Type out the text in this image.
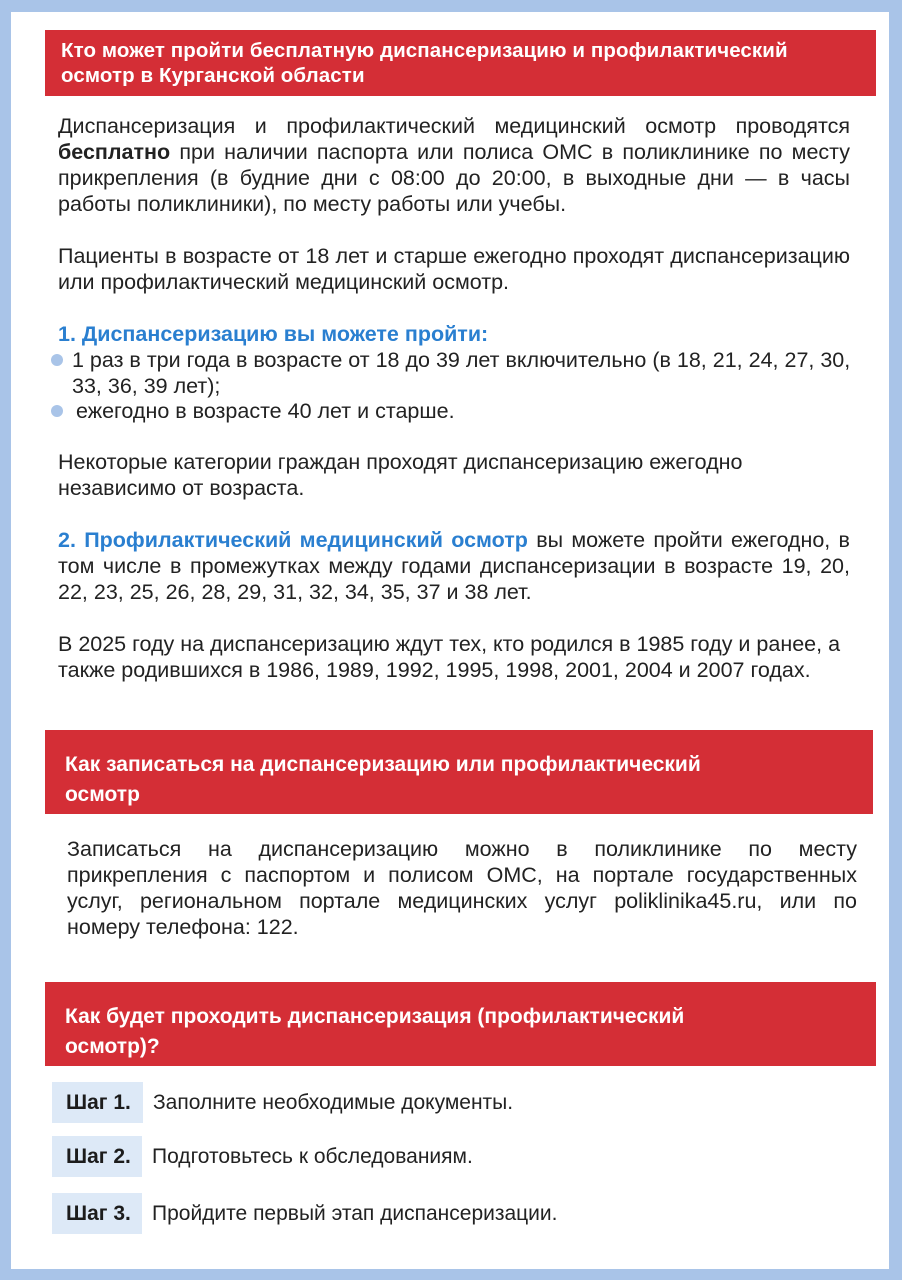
Кто может пройти бесплатную диспансеризацию и профилактический
осмотр в Курганской области

Диспансеризация и профилактический медицинский осмотр проводятся бесплатно при наличии паспорта или полиса ОМС в поликлинике по месту прикрепления (в будние дни с 08:00 до 20:00, в выходные дни — в часы работы поликлиники), по месту работы или учебы.

Пациенты в возрасте от 18 лет и старше ежегодно проходят диспансеризацию или профилактический медицинский осмотр.

1. Диспансеризацию вы можете пройти:

1 раз в три года в возрасте от 18 до 39 лет включительно (в 18, 21, 24, 27, 30, 33, 36, 39 лет);
ежегодно в возрасте 40 лет и старше.

Некоторые категории граждан проходят диспансеризацию ежегодно независимо от возраста.

2. Профилактический медицинский осмотр вы можете пройти ежегодно, в том числе в промежутках между годами диспансеризации в возрасте 19, 20, 22, 23, 25, 26, 28, 29, 31, 32, 34, 35, 37 и 38 лет.

В 2025 году на диспансеризацию ждут тех, кто родился в 1985 году и ранее, а также родившихся в 1986, 1989, 1992, 1995, 1998, 2001, 2004 и 2007 годах.

Как записаться на диспансеризацию или профилактический
осмотр

Записаться на диспансеризацию можно в поликлинике по месту прикрепления с паспортом и полисом ОМС, на портале государственных услуг, региональном портале медицинских услуг poliklinika45.ru, или по номеру телефона: 122.

Как будет проходить диспансеризация (профилактический
осмотр)?
Шаг 1.	Заполните необходимые документы.
Шаг 2.	Подготовьтесь к обследованиям.
Шаг 3.	Пройдите первый этап диспансеризации.
